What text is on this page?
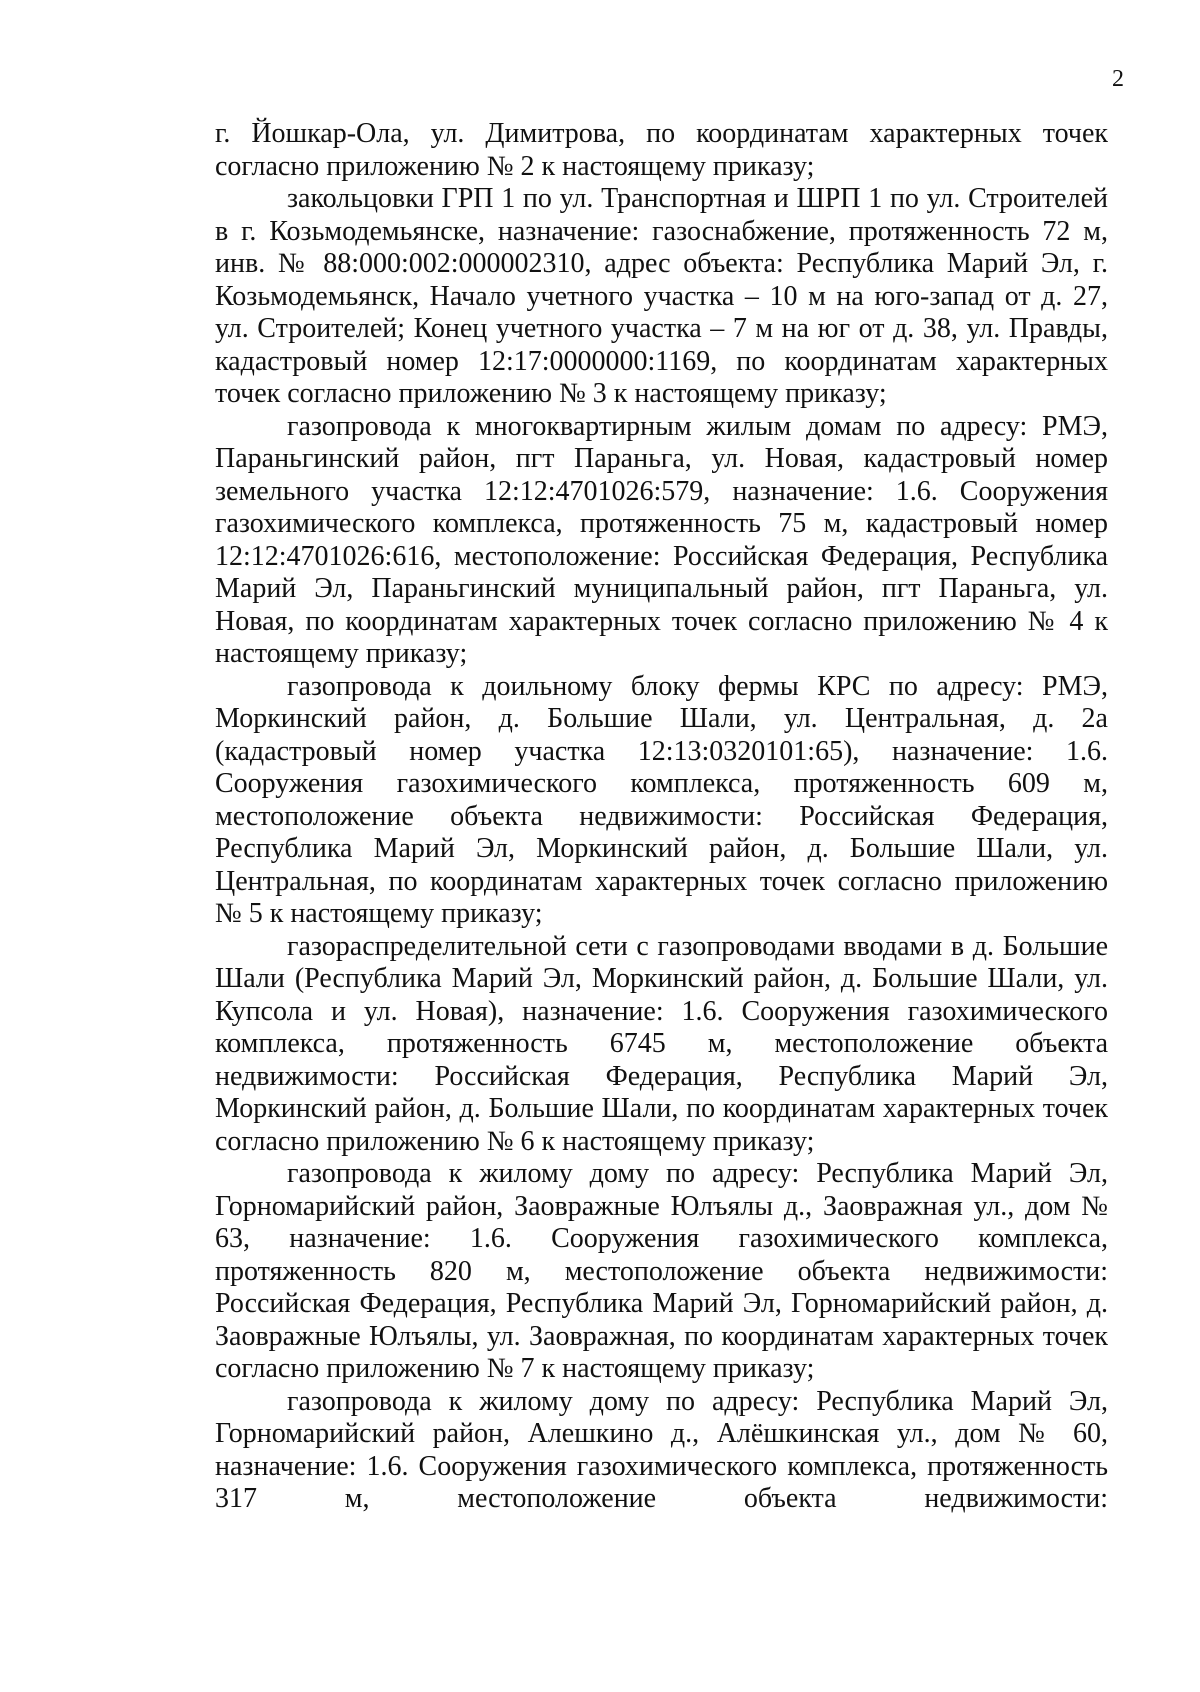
2

г. Йошкар-Ола, ул. Димитрова, по координатам характерных точек согласно приложению № 2 к настоящему приказу;

закольцовки ГРП 1 по ул. Транспортная и ШРП 1 по ул. Строителей в г. Козьмодемьянске, назначение: газоснабжение, протяженность 72 м, инв. № 88:000:002:000002310, адрес объекта: Республика Марий Эл, г. Козьмодемьянск, Начало учетного участка – 10 м на юго-запад от д. 27, ул. Строителей; Конец учетного участка – 7 м на юг от д. 38, ул. Правды, кадастровый номер 12:17:0000000:1169, по координатам характерных точек согласно приложению № 3 к настоящему приказу;

газопровода к многоквартирным жилым домам по адресу: РМЭ, Параньгинский район, пгт Параньга, ул. Новая, кадастровый номер земельного участка 12:12:4701026:579, назначение: 1.6. Сооружения газохимического комплекса, протяженность 75 м, кадастровый номер 12:12:4701026:616, местоположение: Российская Федерация, Республика Марий Эл, Параньгинский муниципальный район, пгт Параньга, ул. Новая, по координатам характерных точек согласно приложению № 4 к настоящему приказу;

газопровода к доильному блоку фермы КРС по адресу: РМЭ, Моркинский район, д. Большие Шали, ул. Центральная, д. 2а (кадастровый номер участка 12:13:0320101:65), назначение: 1.6. Сооружения газохимического комплекса, протяженность 609 м, местоположение объекта недвижимости: Российская Федерация, Республика Марий Эл, Моркинский район, д. Большие Шали, ул. Центральная, по координатам характерных точек согласно приложению № 5 к настоящему приказу;

газораспределительной сети с газопроводами вводами в д. Большие Шали (Республика Марий Эл, Моркинский район, д. Большие Шали, ул. Купсола и ул. Новая), назначение: 1.6. Сооружения газохимического комплекса, протяженность 6745 м, местоположение объекта недвижимости: Российская Федерация, Республика Марий Эл, Моркинский район, д. Большие Шали, по координатам характерных точек согласно приложению № 6 к настоящему приказу;

газопровода к жилому дому по адресу: Республика Марий Эл, Горномарийский район, Заовражные Юлъялы д., Заовражная ул., дом № 63, назначение: 1.6. Сооружения газохимического комплекса, протяженность 820 м, местоположение объекта недвижимости: Российская Федерация, Республика Марий Эл, Горномарийский район, д. Заовражные Юлъялы, ул. Заовражная, по координатам характерных точек согласно приложению № 7 к настоящему приказу;

газопровода к жилому дому по адресу: Республика Марий Эл, Горномарийский район, Алешкино д., Алёшкинская ул., дом № 60, назначение: 1.6. Сооружения газохимического комплекса, протяженность 317 м, местоположение объекта недвижимости:
